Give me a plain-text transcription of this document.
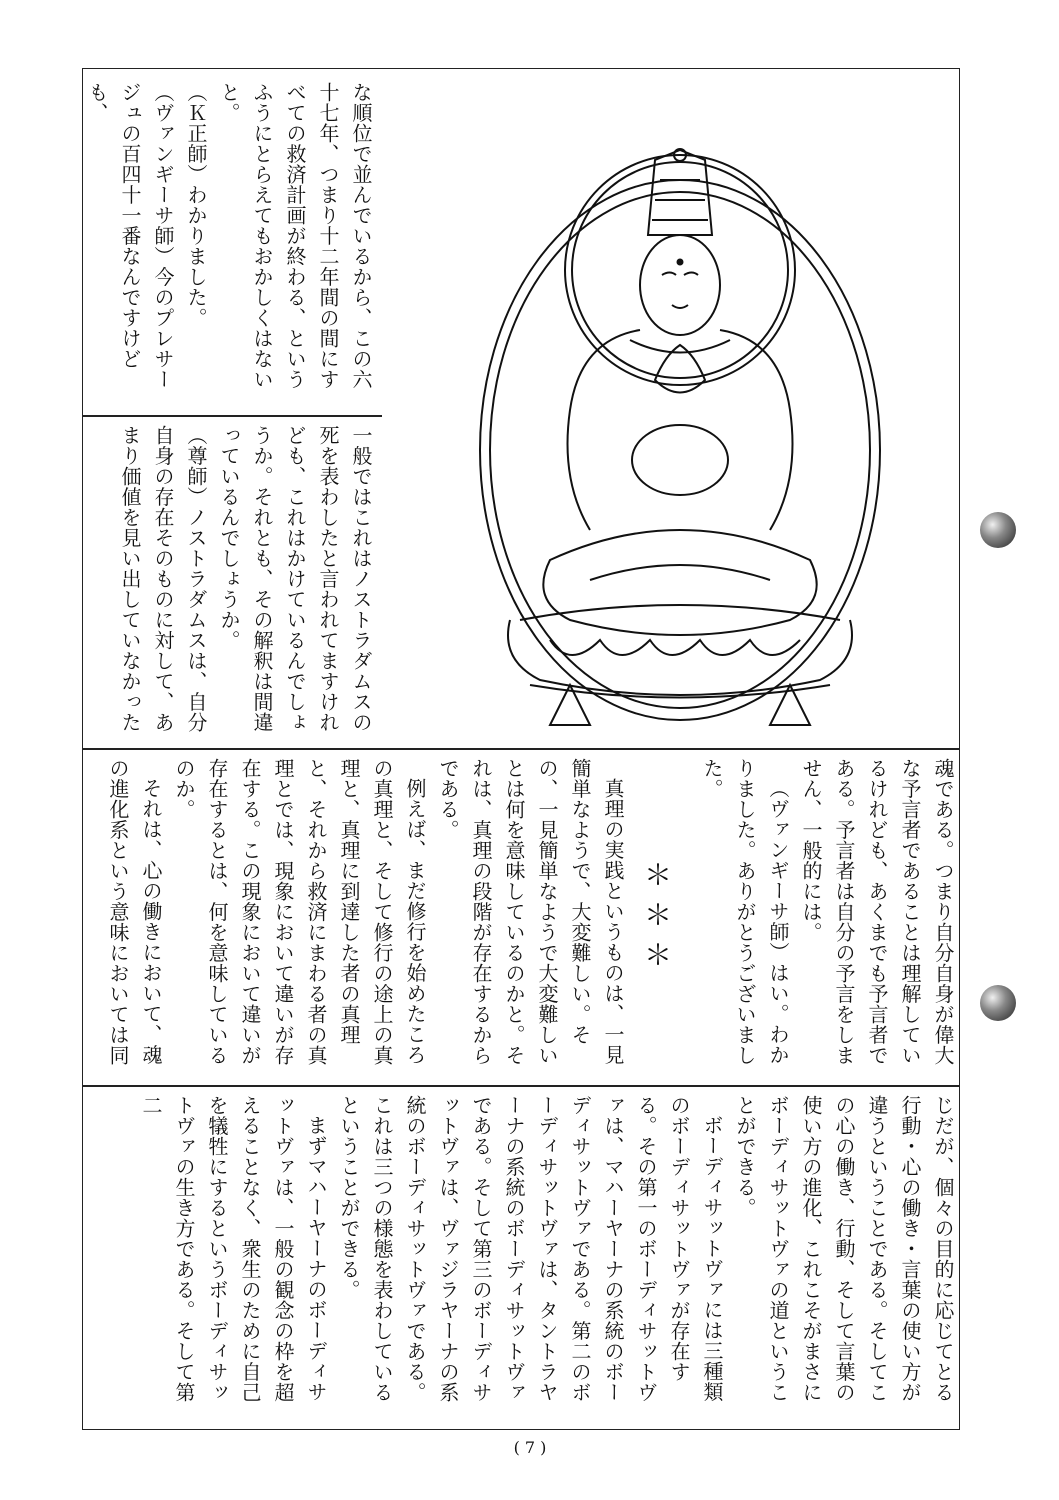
な順位で並んでいるから、この六十七年、つまり十二年間の間にすべての救済計画が終わる、というふうにとらえてもおかしくはないと。

（Ｋ正師）わかりました。

（ヴァンギーサ師）今のプレサージュの百四十一番なんですけども、

一般ではこれはノストラダムスの死を表わしたと言われてますけれども、これはかけているんでしょうか。それとも、その解釈は間違っているんでしょうか。

（尊師）ノストラダムスは、自分自身の存在そのものに対して、あまり価値を見い出していなかった

魂である。つまり自分自身が偉大な予言者であることは理解しているけれども、あくまでも予言者である。予言者は自分の予言をしません、一般的には。

（ヴァンギーサ師）はい。わかりました。ありがとうございました。

＊＊＊

真理の実践というものは、一見簡単なようで、大変難しい。その、一見簡単なようで大変難しいとは何を意味しているのかと。それは、真理の段階が存在するからである。

例えば、まだ修行を始めたころの真理と、そして修行の途上の真理と、真理に到達した者の真理と、それから救済にまわる者の真理とでは、現象において違いが存在する。この現象において違いが存在するとは、何を意味しているのか。

それは、心の働きにおいて、魂の進化系という意味においては同

じだが、個々の目的に応じてとる行動・心の働き・言葉の使い方が違うということである。そしてこの心の働き、行動、そして言葉の使い方の進化、これこそがまさにボーディサットヴァの道ということができる。

ボーディサットヴァには三種類のボーディサットヴァが存在する。その第一のボーディサットヴァは、マハーヤーナの系統のボーディサットヴァである。第二のボーディサットヴァは、タントラヤーナの系統のボーディサットヴァである。そして第三のボーディサットヴァは、ヴァジラヤーナの系統のボーディサットヴァである。これは三つの様態を表わしているということができる。

まずマハーヤーナのボーディサットヴァは、一般の観念の枠を超えることなく、衆生のために自己を犠牲にするというボーディサットヴァの生き方である。そして第二

( 7 )
